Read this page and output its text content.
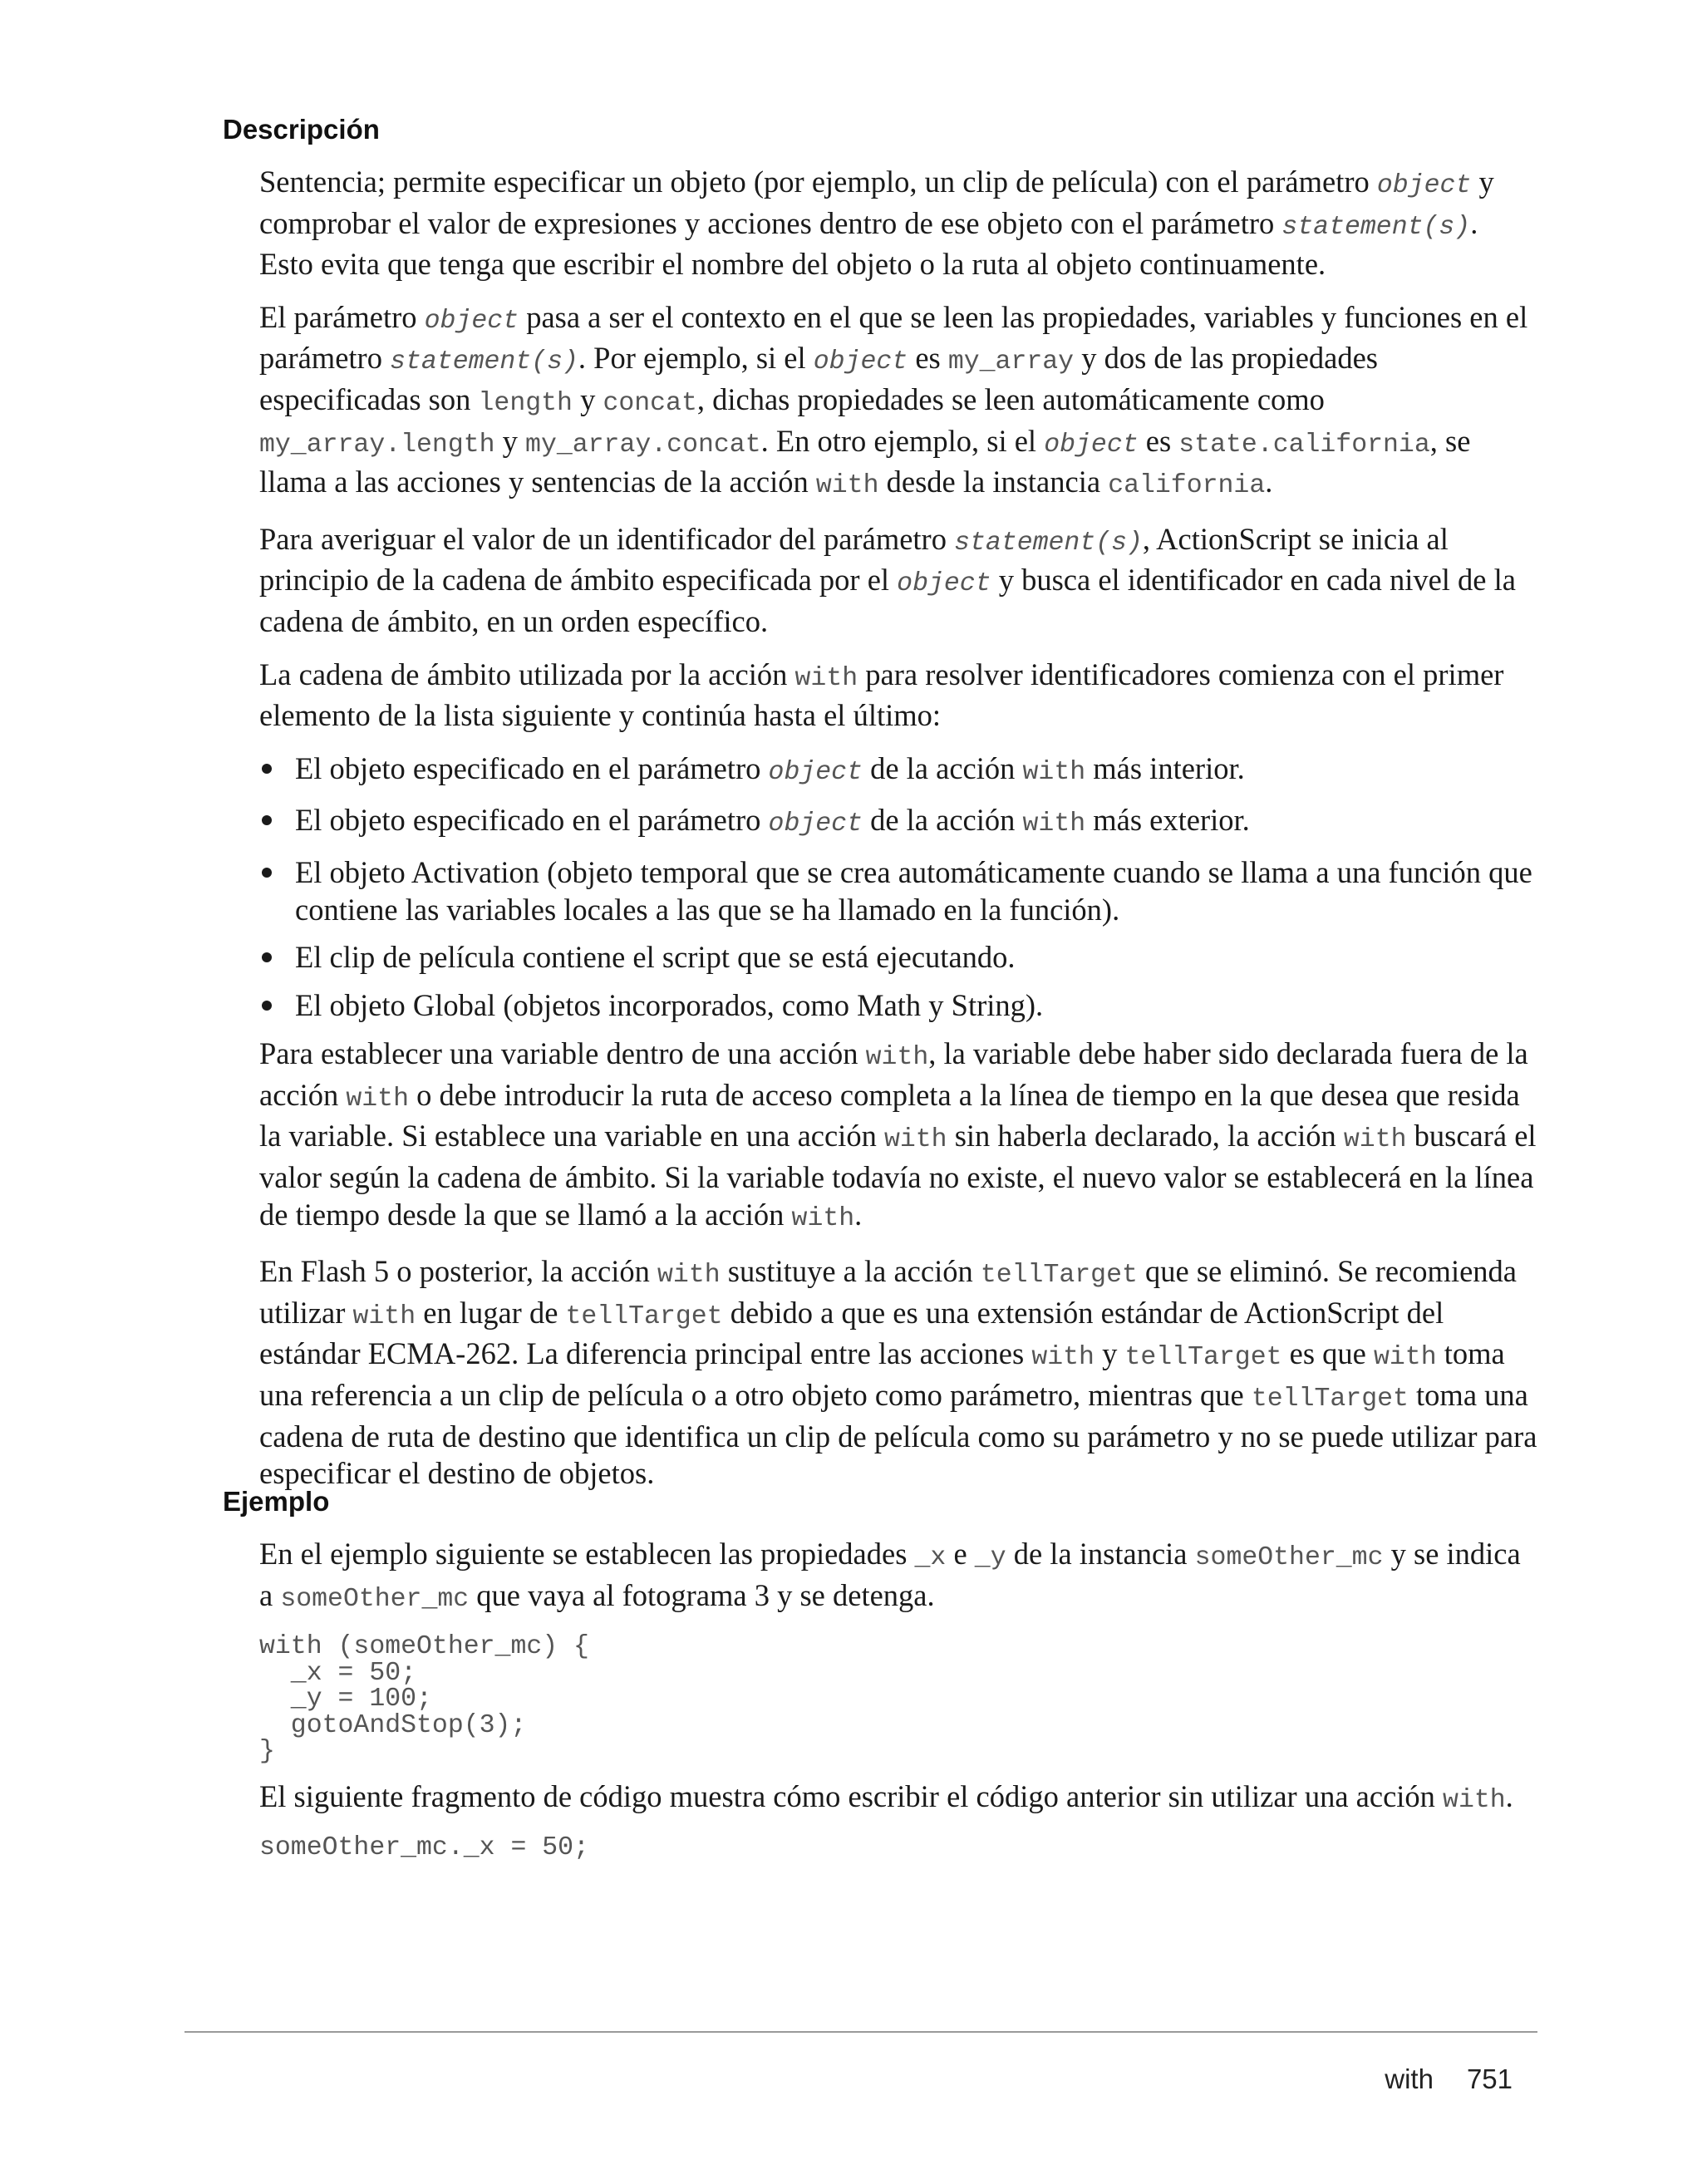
Descripción

Sentencia; permite especificar un objeto (por ejemplo, un clip de película) con el parámetro object y comprobar el valor de expresiones y acciones dentro de ese objeto con el parámetro statement(s). Esto evita que tenga que escribir el nombre del objeto o la ruta al objeto continuamente.

El parámetro object pasa a ser el contexto en el que se leen las propiedades, variables y funciones en el parámetro statement(s). Por ejemplo, si el object es my_array y dos de las propiedades especificadas son length y concat, dichas propiedades se leen automáticamente como my_array.length y my_array.concat. En otro ejemplo, si el object es state.california, se llama a las acciones y sentencias de la acción with desde la instancia california.

Para averiguar el valor de un identificador del parámetro statement(s), ActionScript se inicia al principio de la cadena de ámbito especificada por el object y busca el identificador en cada nivel de la cadena de ámbito, en un orden específico.

La cadena de ámbito utilizada por la acción with para resolver identificadores comienza con el primer elemento de la lista siguiente y continúa hasta el último:

El objeto especificado en el parámetro object de la acción with más interior.
El objeto especificado en el parámetro object de la acción with más exterior.
El objeto Activation (objeto temporal que se crea automáticamente cuando se llama a una función que contiene las variables locales a las que se ha llamado en la función).
El clip de película contiene el script que se está ejecutando.
El objeto Global (objetos incorporados, como Math y String).

Para establecer una variable dentro de una acción with, la variable debe haber sido declarada fuera de la acción with o debe introducir la ruta de acceso completa a la línea de tiempo en la que desea que resida la variable. Si establece una variable en una acción with sin haberla declarado, la acción with buscará el valor según la cadena de ámbito. Si la variable todavía no existe, el nuevo valor se establecerá en la línea de tiempo desde la que se llamó a la acción with.

En Flash 5 o posterior, la acción with sustituye a la acción tellTarget que se eliminó. Se recomienda utilizar with en lugar de tellTarget debido a que es una extensión estándar de ActionScript del estándar ECMA-262. La diferencia principal entre las acciones with y tellTarget es que with toma una referencia a un clip de película o a otro objeto como parámetro, mientras que tellTarget toma una cadena de ruta de destino que identifica un clip de película como su parámetro y no se puede utilizar para especificar el destino de objetos.

Ejemplo

En el ejemplo siguiente se establecen las propiedades _x e _y de la instancia someOther_mc y se indica a someOther_mc que vaya al fotograma 3 y se detenga.

with (someOther_mc) {
_x = 50;
_y = 100;
gotoAndStop(3);
}

El siguiente fragmento de código muestra cómo escribir el código anterior sin utilizar una acción with.

someOther_mc._x = 50;
with 751
